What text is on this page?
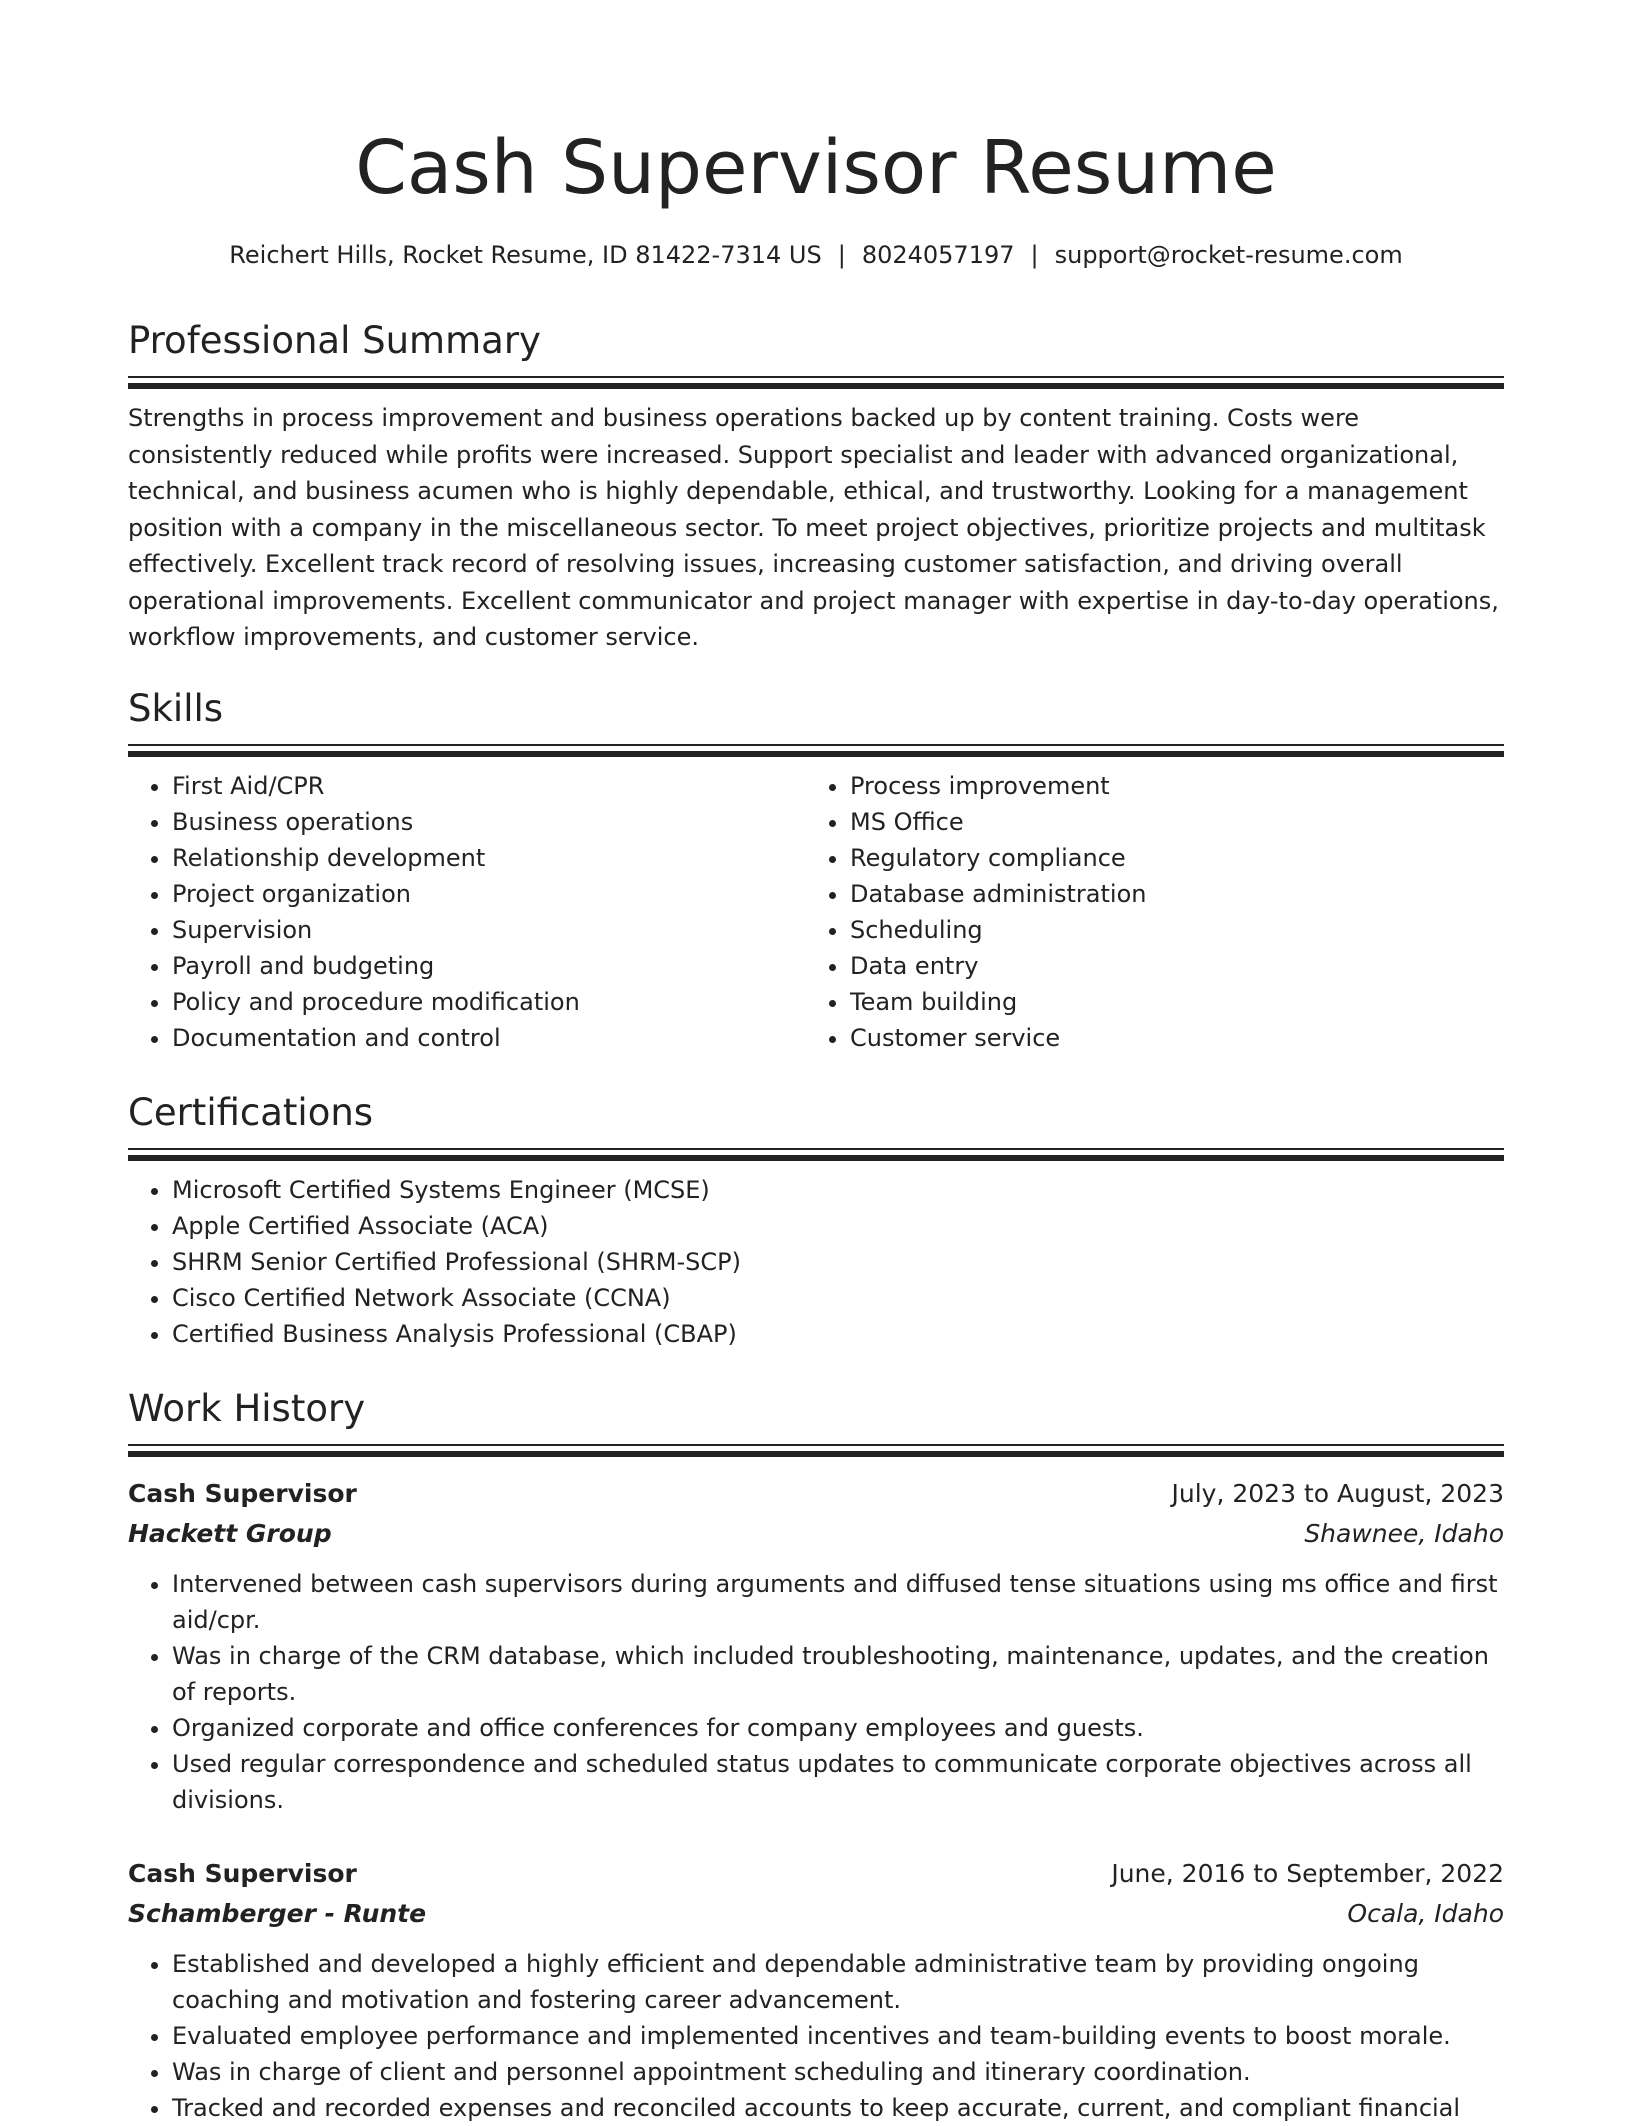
Cash Supervisor Resume
Reichert Hills, Rocket Resume, ID 81422-7314 US | 8024057197 | support@rocket-resume.com
Professional Summary

Strengths in process improvement and business operations backed up by content training. Costs were consistently reduced while profits were increased. Support specialist and leader with advanced organizational, technical, and business acumen who is highly dependable, ethical, and trustworthy. Looking for a management position with a company in the miscellaneous sector. To meet project objectives, prioritize projects and multitask effectively. Excellent track record of resolving issues, increasing customer satisfaction, and driving overall operational improvements. Excellent communicator and project manager with expertise in day-to-day operations, workflow improvements, and customer service.

Skills
• First Aid/CPR
• Business operations
• Relationship development
• Project organization
• Supervision
• Payroll and budgeting
• Policy and procedure modification
• Documentation and control
• Process improvement
• MS Office
• Regulatory compliance
• Database administration
• Scheduling
• Data entry
• Team building
• Customer service
Certifications
• Microsoft Certified Systems Engineer (MCSE)
• Apple Certified Associate (ACA)
• SHRM Senior Certified Professional (SHRM-SCP)
• Cisco Certified Network Associate (CCNA)
• Certified Business Analysis Professional (CBAP)
Work History
Cash Supervisor	July, 2023 to August, 2023
Hackett Group	Shawnee, Idaho
• Intervened between cash supervisors during arguments and diffused tense situations using ms office and first aid/cpr.
• Was in charge of the CRM database, which included troubleshooting, maintenance, updates, and the creation of reports.
• Organized corporate and office conferences for company employees and guests.
• Used regular correspondence and scheduled status updates to communicate corporate objectives across all divisions.
Cash Supervisor	June, 2016 to September, 2022
Schamberger - Runte	Ocala, Idaho
• Established and developed a highly efficient and dependable administrative team by providing ongoing coaching and motivation and fostering career advancement.
• Evaluated employee performance and implemented incentives and team-building events to boost morale.
• Was in charge of client and personnel appointment scheduling and itinerary coordination.
• Tracked and recorded expenses and reconciled accounts to keep accurate, current, and compliant financial
